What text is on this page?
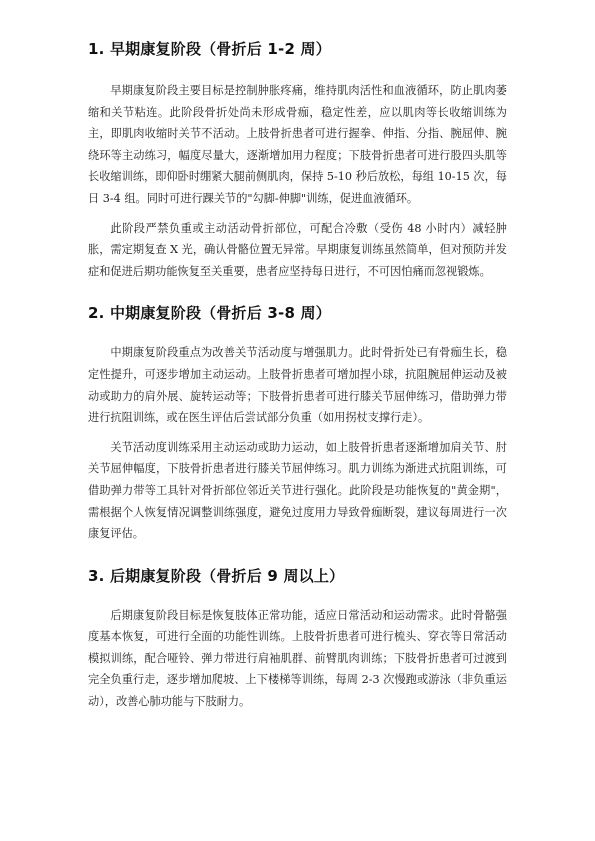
1. 早期康复阶段（骨折后 1-2 周）

早期康复阶段主要目标是控制肿胀疼痛，维持肌肉活性和血液循环，防止肌肉萎缩和关节粘连。此阶段骨折处尚未形成骨痂，稳定性差，应以肌肉等长收缩训练为主，即肌肉收缩时关节不活动。上肢骨折患者可进行握拳、伸指、分指、腕屈伸、腕绕环等主动练习，幅度尽量大，逐渐增加用力程度；下肢骨折患者可进行股四头肌等长收缩训练，即仰卧时绷紧大腿前侧肌肉，保持 5-10 秒后放松，每组 10-15 次，每日 3-4 组。同时可进行踝关节的"勾脚-伸脚"训练，促进血液循环。

此阶段严禁负重或主动活动骨折部位，可配合冷敷（受伤 48 小时内）减轻肿胀，需定期复查 X 光，确认骨骼位置无异常。早期康复训练虽然简单，但对预防并发症和促进后期功能恢复至关重要，患者应坚持每日进行，不可因怕痛而忽视锻炼。

2. 中期康复阶段（骨折后 3-8 周）

中期康复阶段重点为改善关节活动度与增强肌力。此时骨折处已有骨痂生长，稳定性提升，可逐步增加主动运动。上肢骨折患者可增加捏小球，抗阻腕屈伸运动及被动或助力的肩外展、旋转运动等；下肢骨折患者可进行膝关节屈伸练习，借助弹力带进行抗阻训练，或在医生评估后尝试部分负重（如用拐杖支撑行走）。

关节活动度训练采用主动运动或助力运动，如上肢骨折患者逐渐增加肩关节、肘关节屈伸幅度，下肢骨折患者进行膝关节屈伸练习。肌力训练为渐进式抗阻训练，可借助弹力带等工具针对骨折部位邻近关节进行强化。此阶段是功能恢复的"黄金期"，需根据个人恢复情况调整训练强度，避免过度用力导致骨痂断裂，建议每周进行一次康复评估。

3. 后期康复阶段（骨折后 9 周以上）

后期康复阶段目标是恢复肢体正常功能，适应日常活动和运动需求。此时骨骼强度基本恢复，可进行全面的功能性训练。上肢骨折患者可进行梳头、穿衣等日常活动模拟训练，配合哑铃、弹力带进行肩袖肌群、前臂肌肉训练；下肢骨折患者可过渡到完全负重行走，逐步增加爬坡、上下楼梯等训练，每周 2-3 次慢跑或游泳（非负重运动），改善心肺功能与下肢耐力。
